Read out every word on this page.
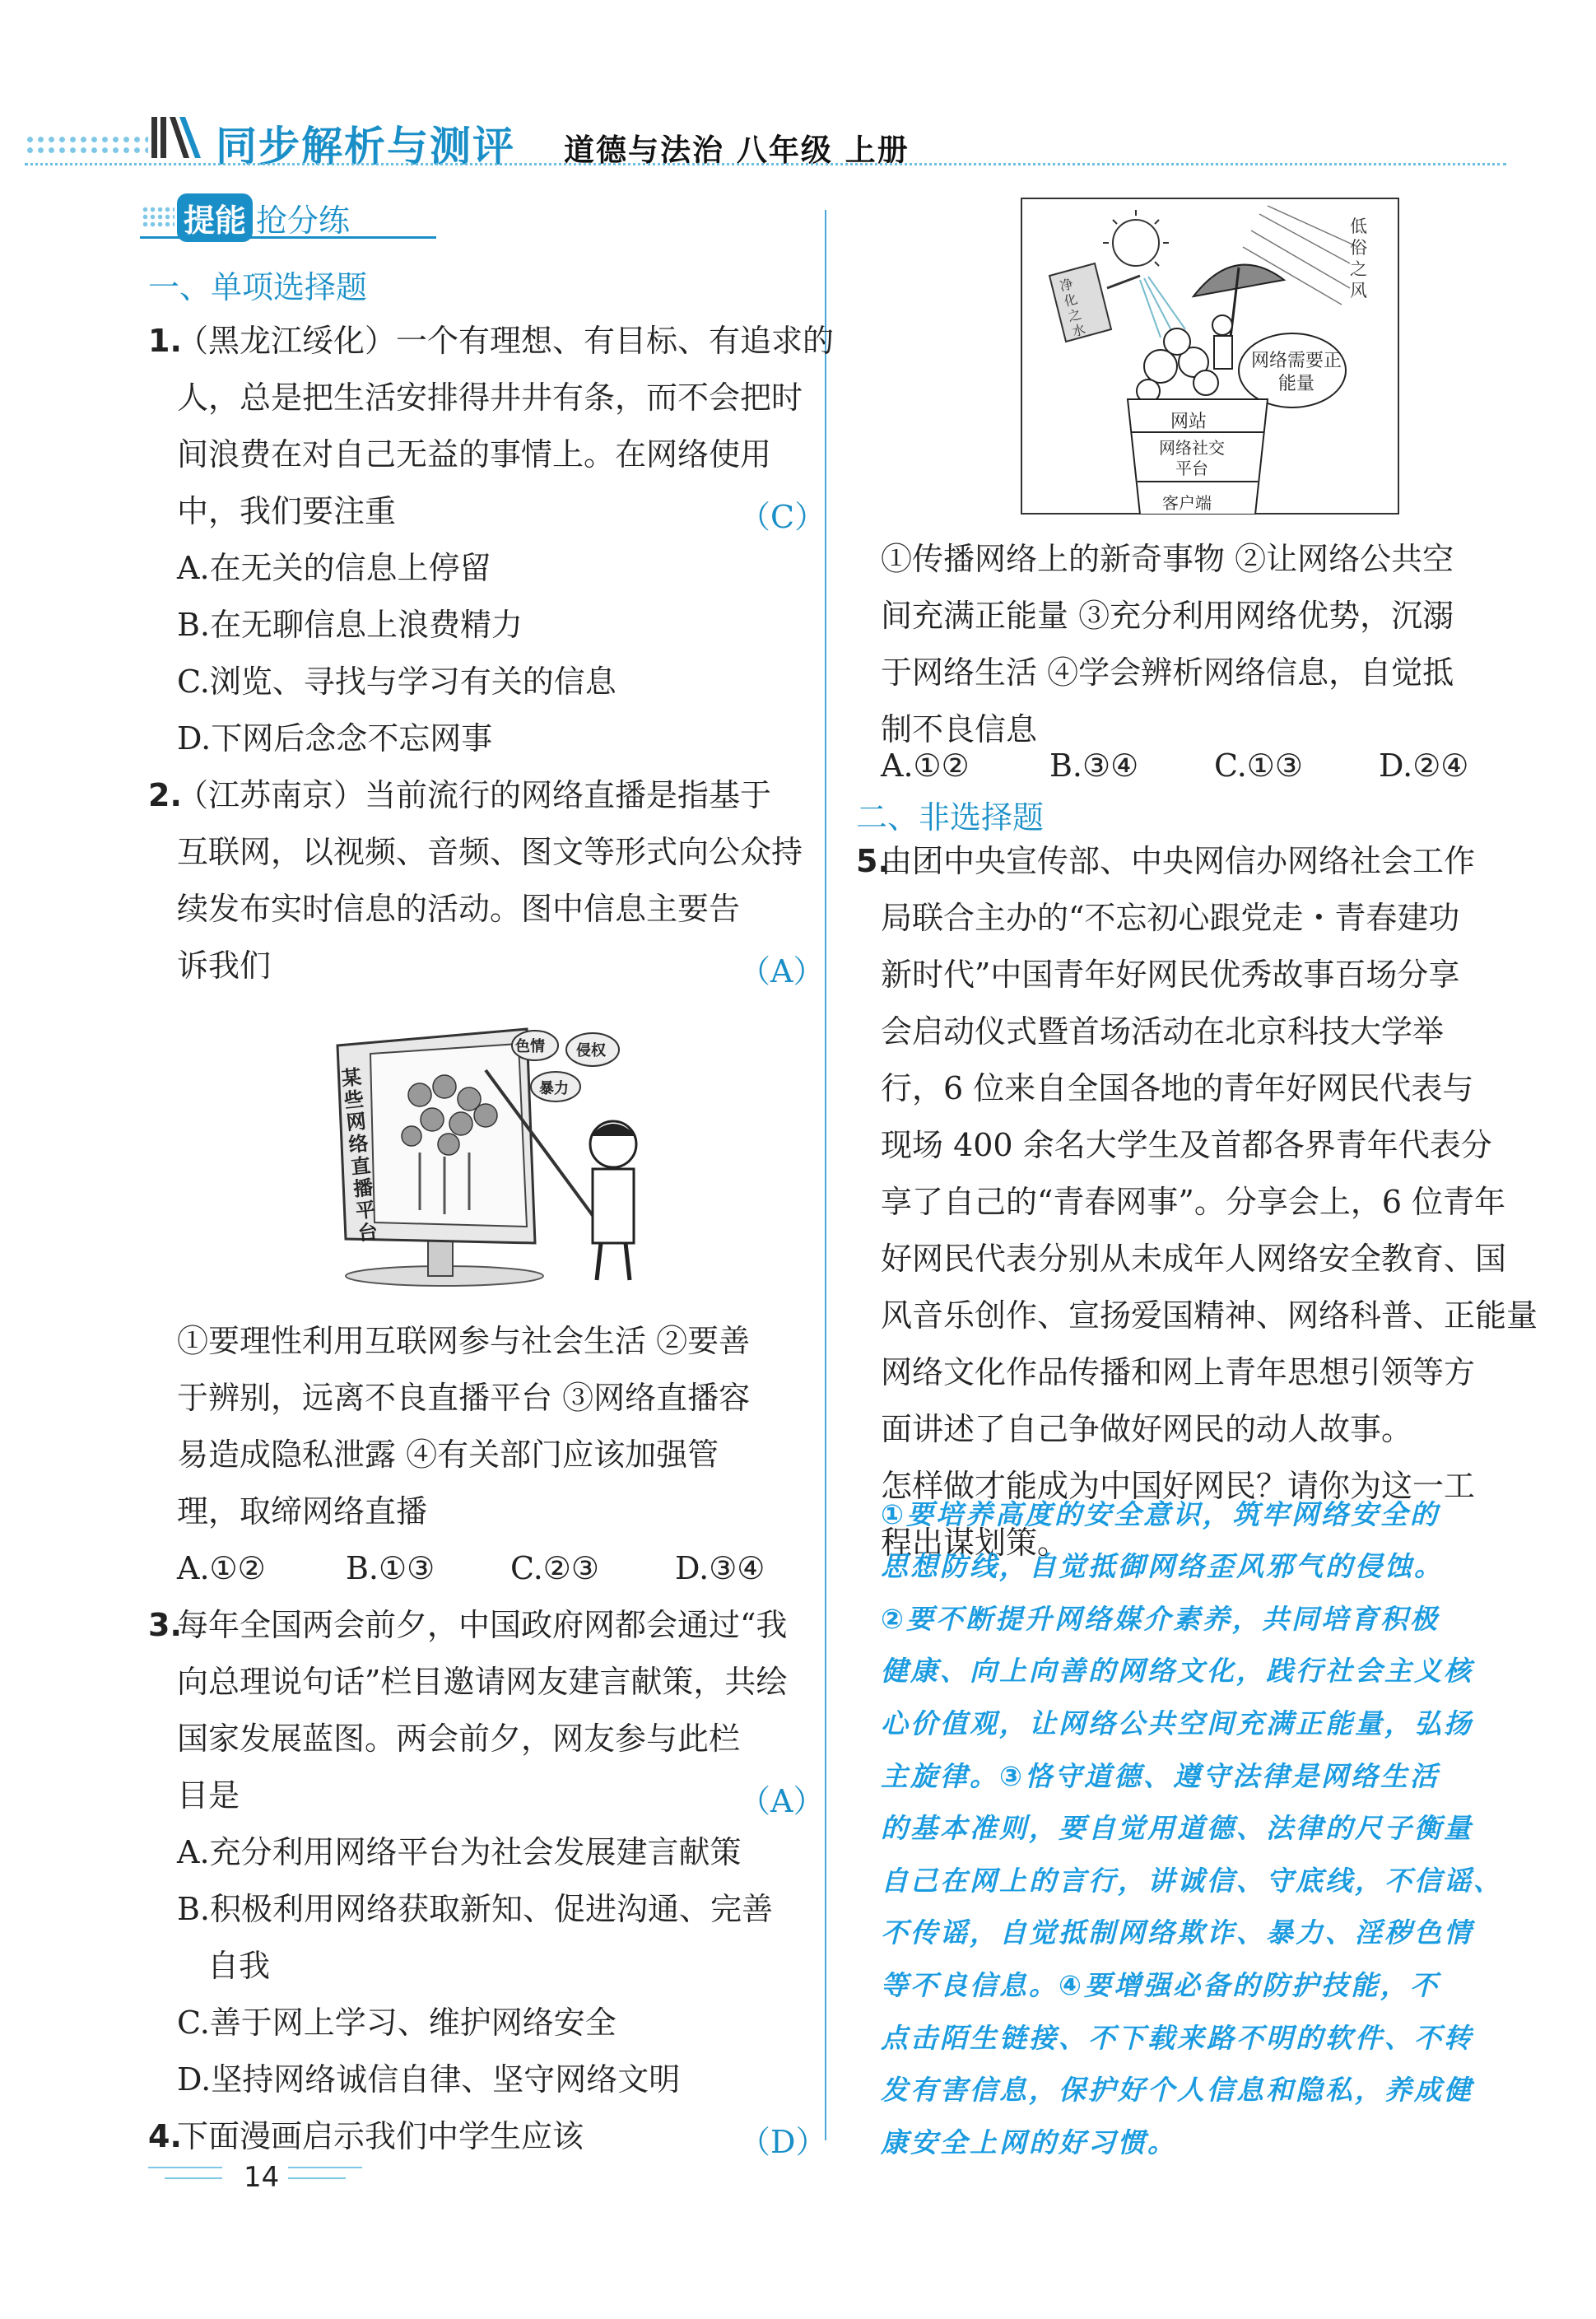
同步解析与测评 道德与法治 八年级 上册
提能 抢分练
一、单项选择题
1.
（黑龙江绥化）一个有理想、有目标、有追求的
人，总是把生活安排得井井有条，而不会把时
间浪费在对自己无益的事情上。在网络使用
中，我们要注重	（C）
A.在无关的信息上停留
B.在无聊信息上浪费精力
C.浏览、寻找与学习有关的信息
D.下网后念念不忘网事
2.
（江苏南京）当前流行的网络直播是指基于
互联网，以视频、音频、图文等形式向公众持
续发布实时信息的活动。图中信息主要告
诉我们	（A）
某些网络直播平台
色情 侵权
暴力
①要理性利用互联网参与社会生活 ②要善
于辨别，远离不良直播平台 ③网络直播容
易造成隐私泄露 ④有关部门应该加强管
理，取缔网络直播
A.①②	B.①③ C.②③ D.③④
3.
每年全国两会前夕，中国政府网都会通过“我
向总理说句话”栏目邀请网友建言献策，共绘
国家发展蓝图。两会前夕，网友参与此栏
目是	（A）
A.充分利用网络平台为社会发展建言献策
B.积极利用网络获取新知、促进沟通、完善
自我
C.善于网上学习、维护网络安全
D.坚持网络诚信自律、坚守网络文明
4.
下面漫画启示我们中学生应该	（D）
低俗之风
净化之水
网络需要正能量
网站
网络社交平台
客户端
①传播网络上的新奇事物 ②让网络公共空
间充满正能量 ③充分利用网络优势，沉溺
于网络生活 ④学会辨析网络信息，自觉抵
制不良信息
A.①②	B.③④ C.①③ D.②④
二、非选择题
5.
由团中央宣传部、中央网信办网络社会工作
局联合主办的“不忘初心跟党走・青春建功
新时代”中国青年好网民优秀故事百场分享
会启动仪式暨首场活动在北京科技大学举
行，6 位来自全国各地的青年好网民代表与
现场 400 余名大学生及首都各界青年代表分
享了自己的“青春网事”。分享会上，6 位青年
好网民代表分别从未成年人网络安全教育、国
风音乐创作、宣扬爱国精神、网络科普、正能量
网络文化作品传播和网上青年思想引领等方
面讲述了自己争做好网民的动人故事。
怎样做才能成为中国好网民？请你为这一工
程出谋划策。
①要培养高度的安全意识，筑牢网络安全的
思想防线，自觉抵御网络歪风邪气的侵蚀。
②要不断提升网络媒介素养，共同培育积极
健康、向上向善的网络文化，践行社会主义核
心价值观，让网络公共空间充满正能量，弘扬
主旋律。③恪守道德、遵守法律是网络生活
的基本准则，要自觉用道德、法律的尺子衡量
自己在网上的言行，讲诚信、守底线，不信谣、
不传谣，自觉抵制网络欺诈、暴力、淫秽色情
等不良信息。④要增强必备的防护技能，不
点击陌生链接、不下载来路不明的软件、不转
发有害信息，保护好个人信息和隐私，养成健
康安全上网的好习惯。
14
